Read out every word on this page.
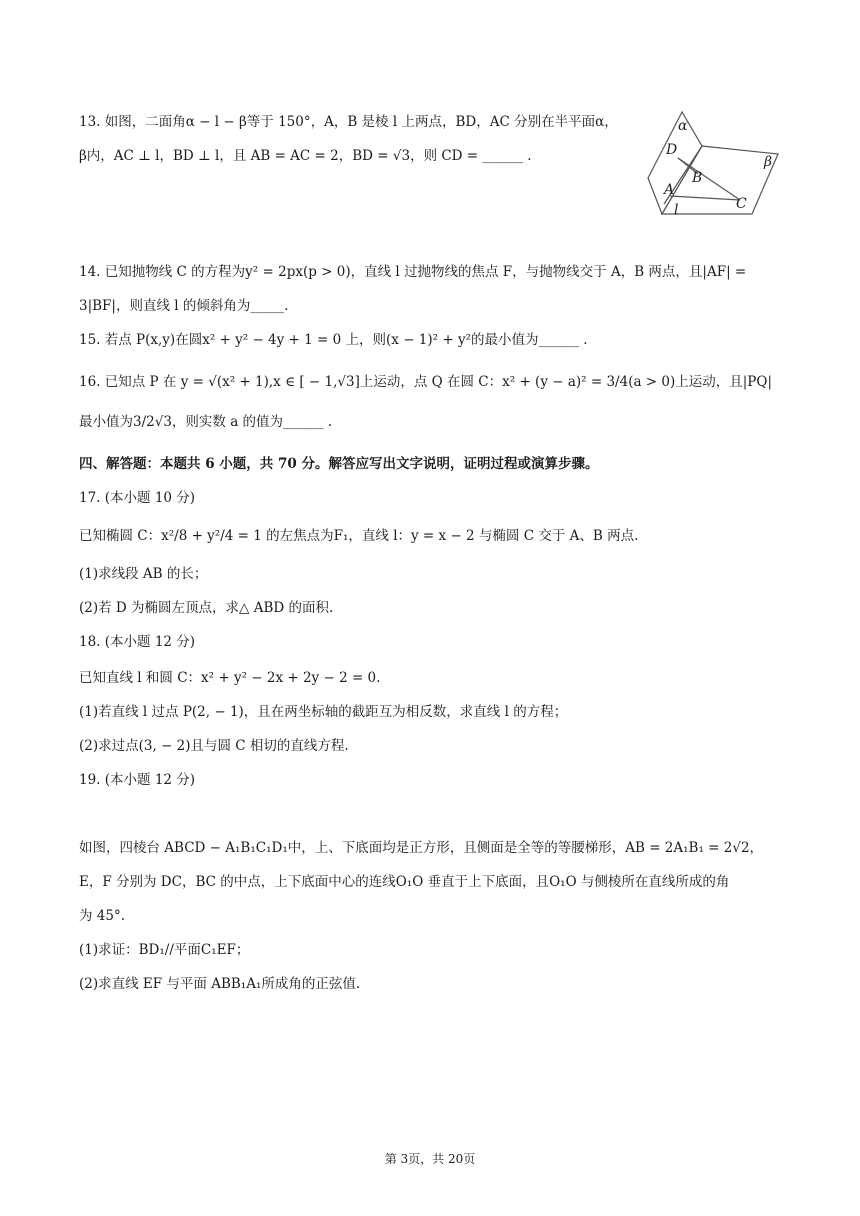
13. 如图，二面角α − l − β等于 150°，A，B 是棱 l 上两点，BD，AC 分别在半平面α，
β内，AC ⊥ l，BD ⊥ l，且 AB = AC = 2，BD = √3，则 CD = ______ .
α
β
D
B
A
C
l
14. 已知抛物线 C 的方程为y² = 2px(p > 0)，直线 l 过抛物线的焦点 F，与抛物线交于 A，B 两点，且|AF| =
3|BF|，则直线 l 的倾斜角为_____.
15. 若点 P(x,y)在圆x² + y² − 4y + 1 = 0 上，则(x − 1)² + y²的最小值为______ .
16. 已知点 P 在 y = √(x² + 1),x ∈ [ − 1,√3]上运动，点 Q 在圆 C：x² + (y − a)² = 3/4(a > 0)上运动，且|PQ|
最小值为3/2√3，则实数 a 的值为______ .
四、解答题：本题共 6 小题，共 70 分。解答应写出文字说明，证明过程或演算步骤。
17. (本小题 10 分)
已知椭圆 C：x²/8 + y²/4 = 1 的左焦点为F₁，直线 l：y = x − 2 与椭圆 C 交于 A、B 两点.
(1)求线段 AB 的长；
(2)若 D 为椭圆左顶点，求△ ABD 的面积.
18. (本小题 12 分)
已知直线 l 和圆 C：x² + y² − 2x + 2y − 2 = 0.
(1)若直线 l 过点 P(2, − 1)，且在两坐标轴的截距互为相反数，求直线 l 的方程；
(2)求过点(3, − 2)且与圆 C 相切的直线方程.
19. (本小题 12 分)
如图，四棱台 ABCD − A₁B₁C₁D₁中，上、下底面均是正方形，且侧面是全等的等腰梯形，AB = 2A₁B₁ = 2√2，
E，F 分别为 DC，BC 的中点，上下底面中心的连线O₁O 垂直于上下底面，且O₁O 与侧棱所在直线所成的角
为 45°.
(1)求证：BD₁//平面C₁EF；
(2)求直线 EF 与平面 ABB₁A₁所成角的正弦值.
第 3页，共 20页
